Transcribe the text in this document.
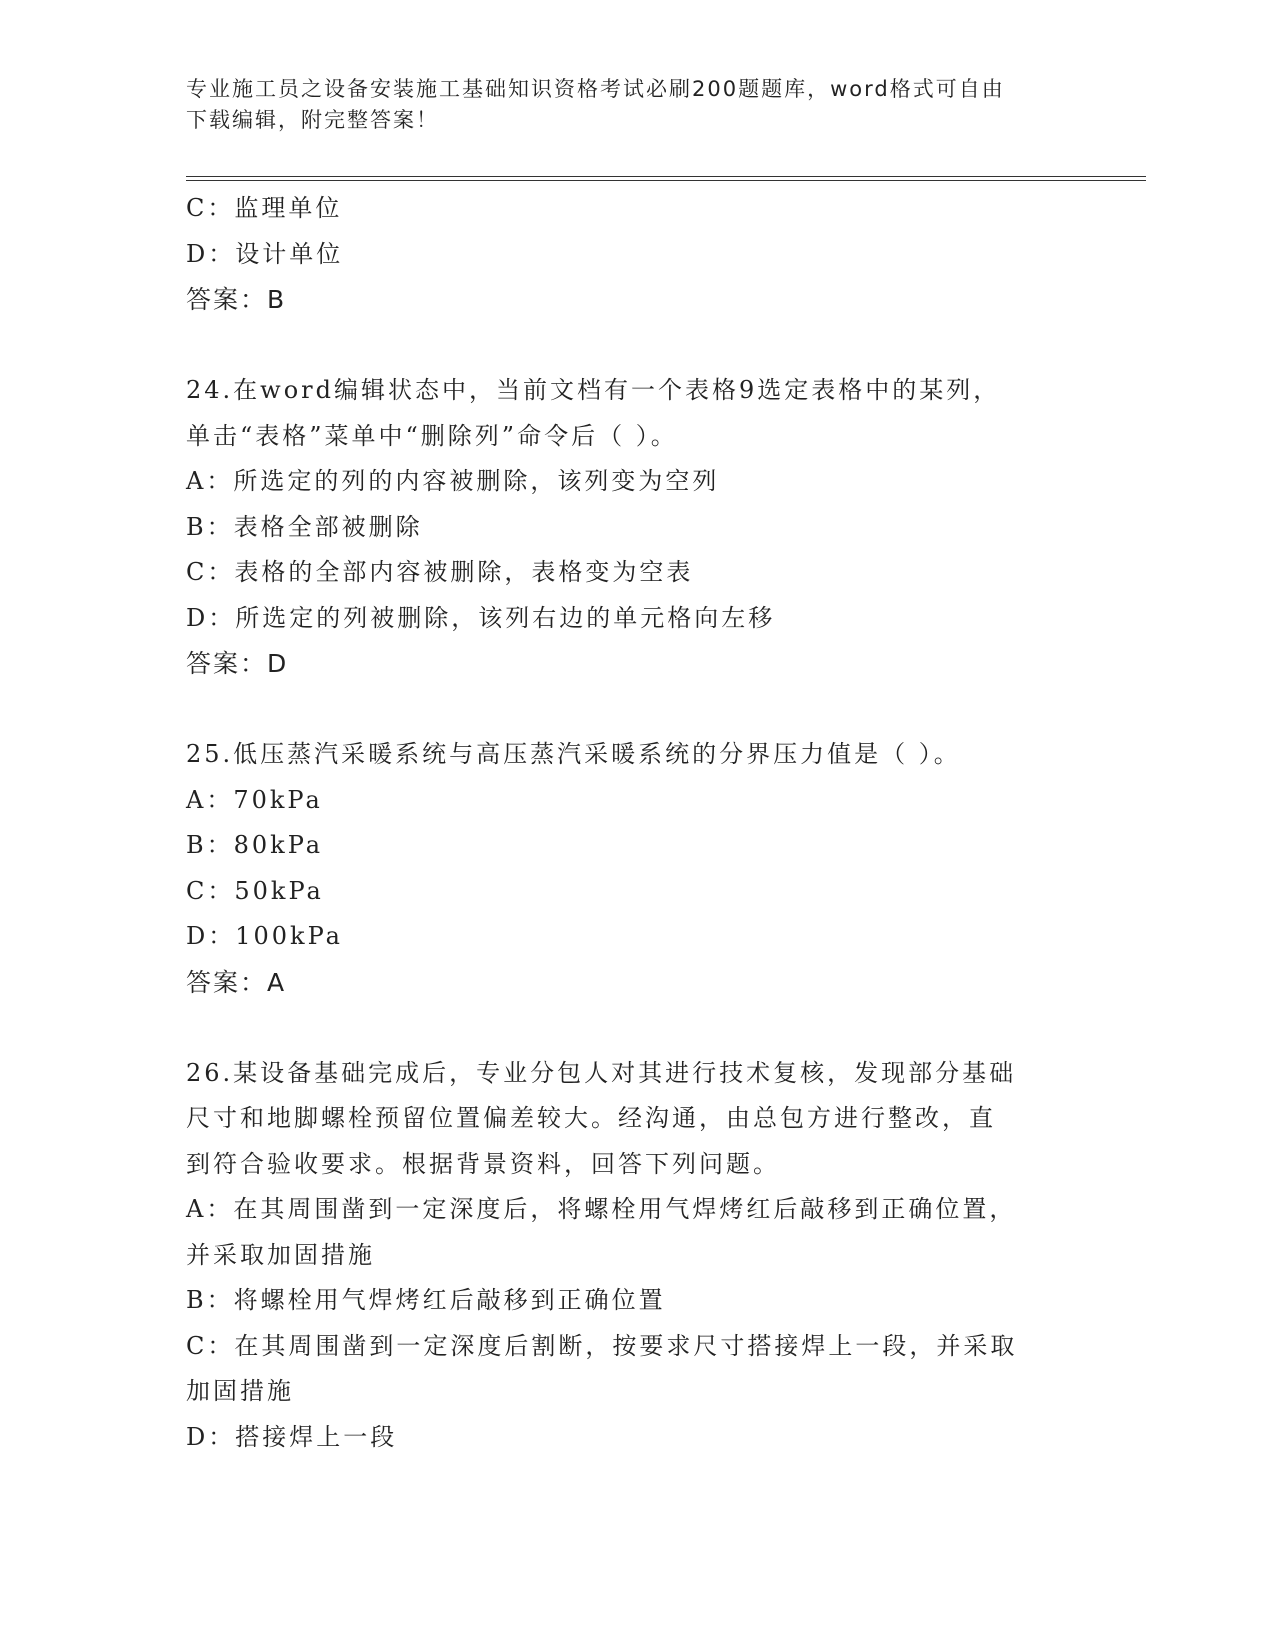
专业施工员之设备安装施工基础知识资格考试必刷200题题库，word格式可自由
下载编辑，附完整答案！
C：监理单位
D：设计单位
答案：B
24.在word编辑状态中，当前文档有一个表格9选定表格中的某列，
单击“表格”菜单中“删除列”命令后（ ）。
A：所选定的列的内容被删除，该列变为空列
B：表格全部被删除
C：表格的全部内容被删除，表格变为空表
D：所选定的列被删除，该列右边的单元格向左移
答案：D
25.低压蒸汽采暖系统与高压蒸汽采暖系统的分界压力值是（ ）。
A：70kPa
B：80kPa
C：50kPa
D：100kPa
答案：A
26.某设备基础完成后，专业分包人对其进行技术复核，发现部分基础
尺寸和地脚螺栓预留位置偏差较大。经沟通，由总包方进行整改，直
到符合验收要求。根据背景资料，回答下列问题。
A：在其周围凿到一定深度后，将螺栓用气焊烤红后敲移到正确位置，
并采取加固措施
B：将螺栓用气焊烤红后敲移到正确位置
C：在其周围凿到一定深度后割断，按要求尺寸搭接焊上一段，并采取
加固措施
D：搭接焊上一段
